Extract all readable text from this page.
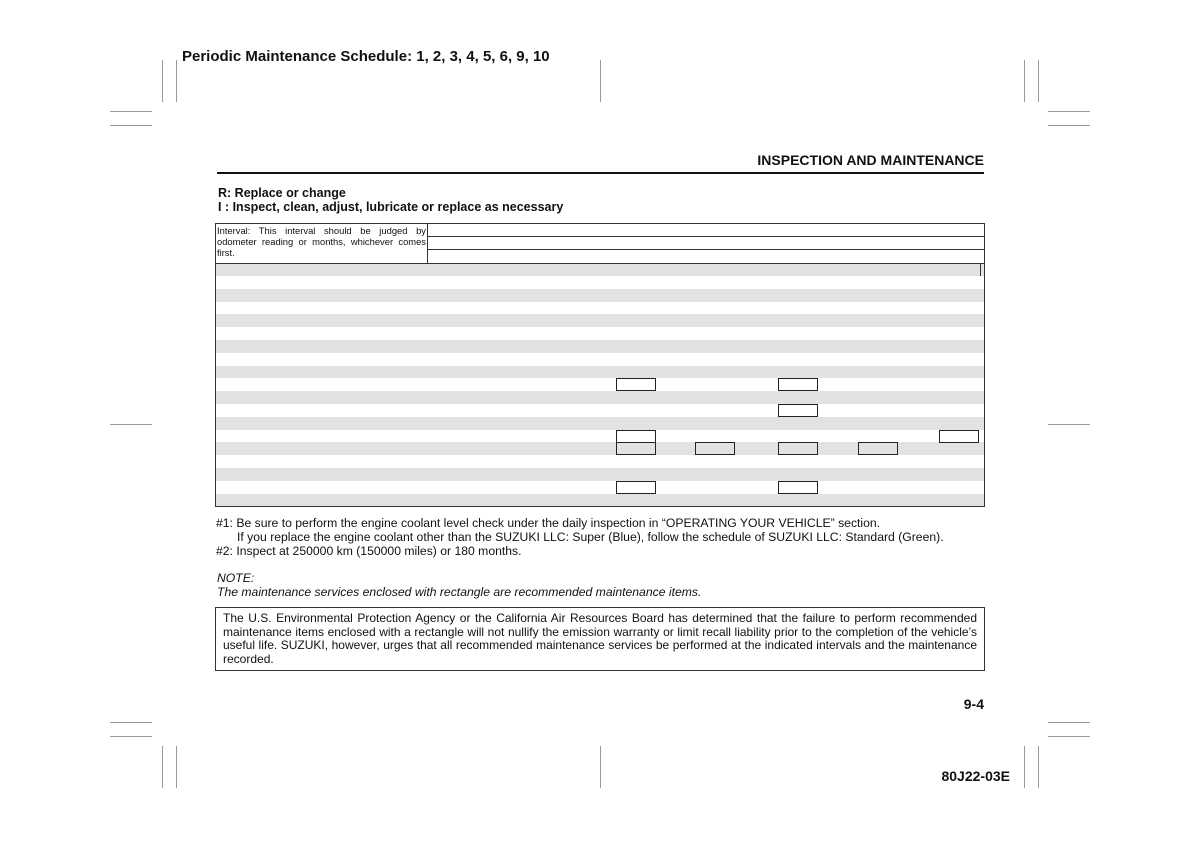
Periodic Maintenance Schedule: 1, 2, 3, 4, 5, 6, 9, 10
INSPECTION AND MAINTENANCE
R: Replace or change
I : Inspect, clean, adjust, lubricate or replace as necessary
Interval: This interval should be judged by odometer reading or months, whichever comes first.
#1: Be sure to perform the engine coolant level check under the daily inspection in “OPERATING YOUR VEHICLE” section.
If you replace the engine coolant other than the SUZUKI LLC: Super (Blue), follow the schedule of SUZUKI LLC: Standard (Green).
#2: Inspect at 250000 km (150000 miles) or 180 months.
NOTE:
The maintenance services enclosed with rectangle are recommended maintenance items.
The U.S. Environmental Protection Agency or the California Air Resources Board has determined that the failure to perform recommended maintenance items enclosed with a rectangle will not nullify the emission warranty or limit recall liability prior to the completion of the vehicle’s useful life. SUZUKI, however, urges that all recommended maintenance services be performed at the indicated intervals and the maintenance recorded.
9-4
80J22-03E
